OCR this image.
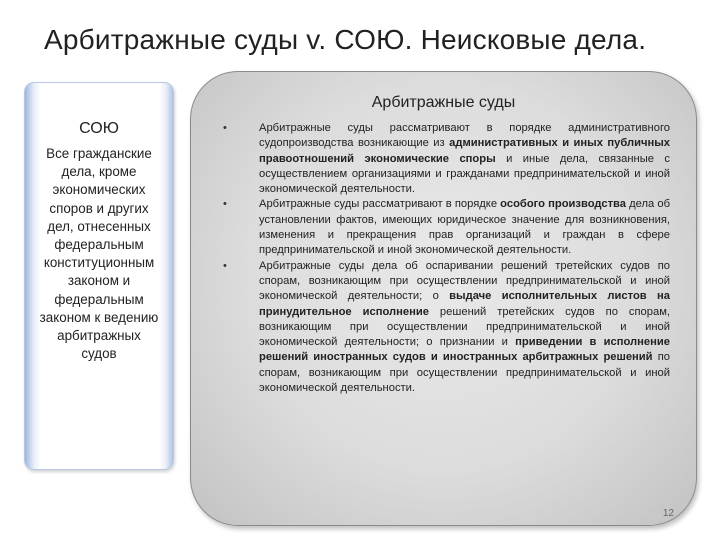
Арбитражные суды v. СОЮ. Неисковые дела.
СОЮ
Все гражданские дела, кроме экономических споров и других дел, отнесенных федеральным конституционным законом и федеральным законом к ведению арбитражных судов
Арбитражные суды
•	Арбитражные суды рассматривают в порядке административного судопроизводства возникающие из административных и иных публичных правоотношений экономические споры и иные дела, связанные с осуществлением организациями и гражданами предпринимательской и иной экономической деятельности.
•	Арбитражные суды рассматривают в порядке особого производства дела об установлении фактов, имеющих юридическое значение для возникновения, изменения и прекращения прав организаций и граждан в сфере предпринимательской и иной экономической деятельности.
•	Арбитражные суды дела об оспаривании решений третейских судов по спорам, возникающим при осуществлении предпринимательской и иной экономической деятельности; о выдаче исполнительных листов на принудительное исполнение решений третейских судов по спорам, возникающим при осуществлении предпринимательской и иной экономической деятельности; о признании и приведении в исполнение решений иностранных судов и иностранных арбитражных решений по спорам, возникающим при осуществлении предпринимательской и иной экономической деятельности.
12
